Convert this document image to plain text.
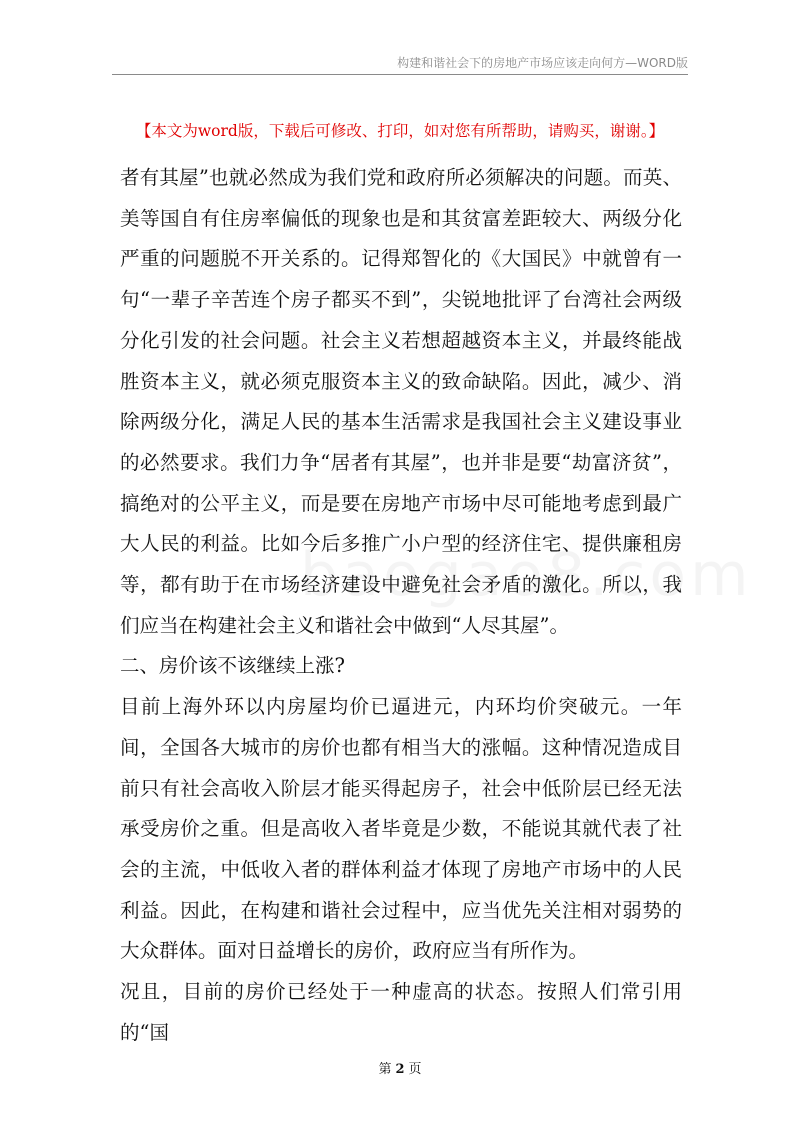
构建和谐社会下的房地产市场应该走向何方—WORD版
【本文为word版，下载后可修改、打印，如对您有所帮助，请购买，谢谢。】

者有其屋”也就必然成为我们党和政府所必须解决的问题。而英、美等国自有住房率偏低的现象也是和其贫富差距较大、两级分化严重的问题脱不开关系的。记得郑智化的《大国民》中就曾有一句“一辈子辛苦连个房子都买不到”，尖锐地批评了台湾社会两级分化引发的社会问题。社会主义若想超越资本主义，并最终能战胜资本主义，就必须克服资本主义的致命缺陷。因此，减少、消除两级分化，满足人民的基本生活需求是我国社会主义建设事业的必然要求。我们力争“居者有其屋”，也并非是要“劫富济贫”，搞绝对的公平主义，而是要在房地产市场中尽可能地考虑到最广大人民的利益。比如今后多推广小户型的经济住宅、提供廉租房等，都有助于在市场经济建设中避免社会矛盾的激化。所以，我们应当在构建社会主义和谐社会中做到“人尽其屋”。

二、房价该不该继续上涨?

目前上海外环以内房屋均价已逼进元，内环均价突破元。一年间，全国各大城市的房价也都有相当大的涨幅。这种情况造成目前只有社会高收入阶层才能买得起房子，社会中低阶层已经无法承受房价之重。但是高收入者毕竟是少数，不能说其就代表了社会的主流，中低收入者的群体利益才体现了房地产市场中的人民利益。因此，在构建和谐社会过程中，应当优先关注相对弱势的大众群体。面对日益增长的房价，政府应当有所作为。

况且，目前的房价已经处于一种虚高的状态。按照人们常引用的“国

第 2 页
